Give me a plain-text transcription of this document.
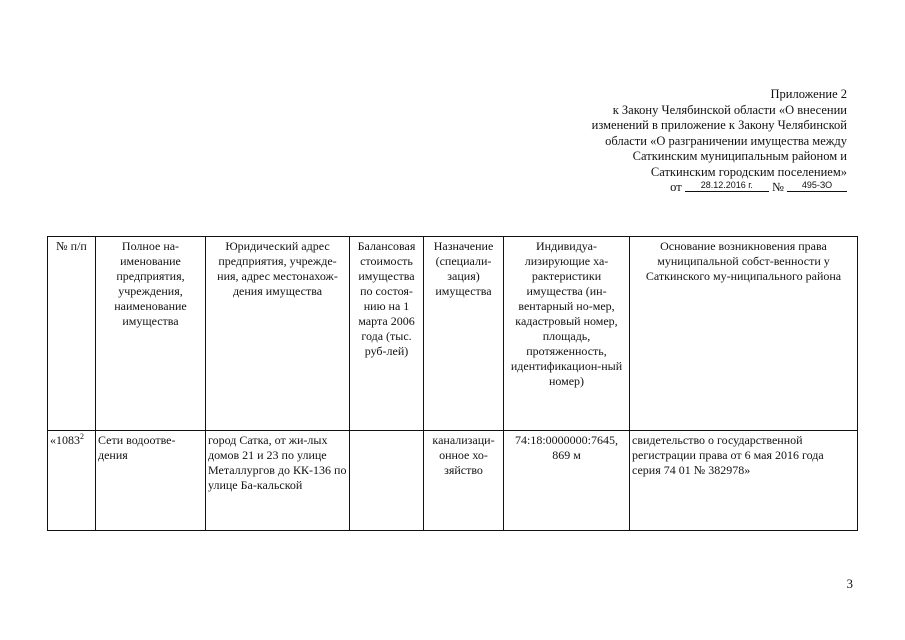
Приложение 2
к Закону Челябинской области «О внесении
изменений в приложение к Закону Челябинской
области «О разграничении имущества между
Саткинским муниципальным районом и
Саткинским городским поселением»
от 28.12.2016 г. № 495-ЗО
№ п/п	Полное на-именование предприятия, учреждения, наименование имущества	Юридический адрес предприятия, учрежде-ния, адрес местонахож-дения имущества	Балансовая стоимость имущества по состоя-нию на 1 марта 2006 года (тыс. руб-лей)	Назначение (специали-зация) имущества	Индивидуа-лизирующие ха-рактеристики имущества (ин-вентарный но-мер, кадастровый номер, площадь, протяженность, идентификацион-ный номер)	Основание возникновения права муниципальной собст-венности у Саткинского му-ниципального района
«1083$^2$	Сети водоотве-дения	город Сатка, от жи-лых домов 21 и 23 по улице Металлургов до КК-136 по улице Ба-кальской		канализаци-онное хо-зяйство	74:18:0000000:7645, 869 м	свидетельство о государственной регистрации права от 6 мая 2016 года серия 74 01 № 382978»
3
